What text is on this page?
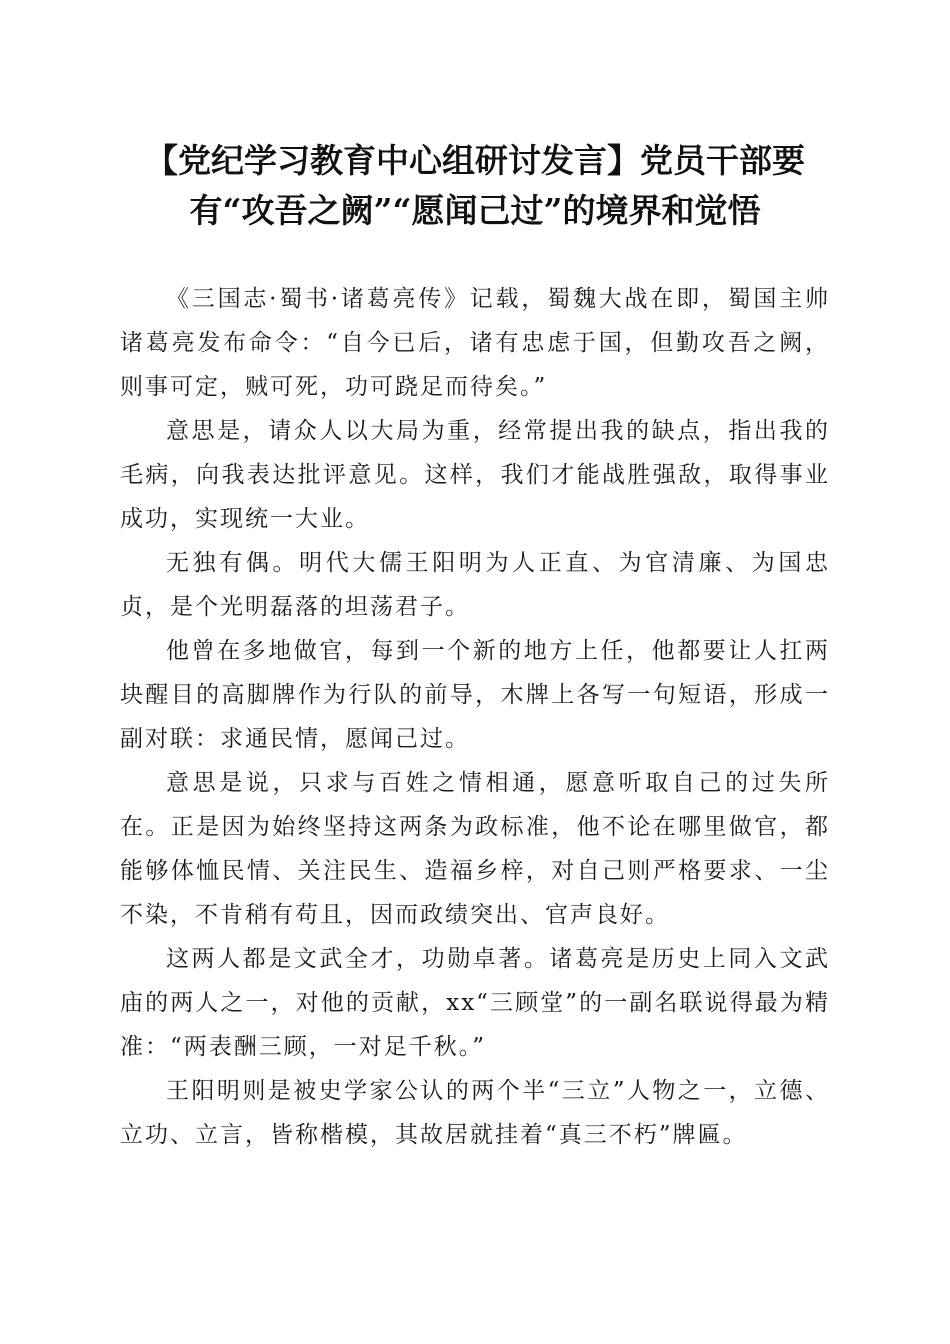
【党纪学习教育中心组研讨发言】党员干部要
有“攻吾之阙”“愿闻己过”的境界和觉悟

《三国志·蜀书·诸葛亮传》记载，蜀魏大战在即，蜀国主帅诸葛亮发布命令：“自今已后，诸有忠虑于国，但勤攻吾之阙，则事可定，贼可死，功可跷足而待矣。”

意思是，请众人以大局为重，经常提出我的缺点，指出我的毛病，向我表达批评意见。这样，我们才能战胜强敌，取得事业成功，实现统一大业。

无独有偶。明代大儒王阳明为人正直、为官清廉、为国忠贞，是个光明磊落的坦荡君子。

他曾在多地做官，每到一个新的地方上任，他都要让人扛两块醒目的高脚牌作为行队的前导，木牌上各写一句短语，形成一副对联：求通民情，愿闻己过。

意思是说，只求与百姓之情相通，愿意听取自己的过失所在。正是因为始终坚持这两条为政标准，他不论在哪里做官，都能够体恤民情、关注民生、造福乡梓，对自己则严格要求、一尘不染，不肯稍有苟且，因而政绩突出、官声良好。

这两人都是文武全才，功勋卓著。诸葛亮是历史上同入文武庙的两人之一，对他的贡献，xx“三顾堂”的一副名联说得最为精准：“两表酬三顾，一对足千秋。”

王阳明则是被史学家公认的两个半“三立”人物之一，立德、立功、立言，皆称楷模，其故居就挂着“真三不朽”牌匾。
